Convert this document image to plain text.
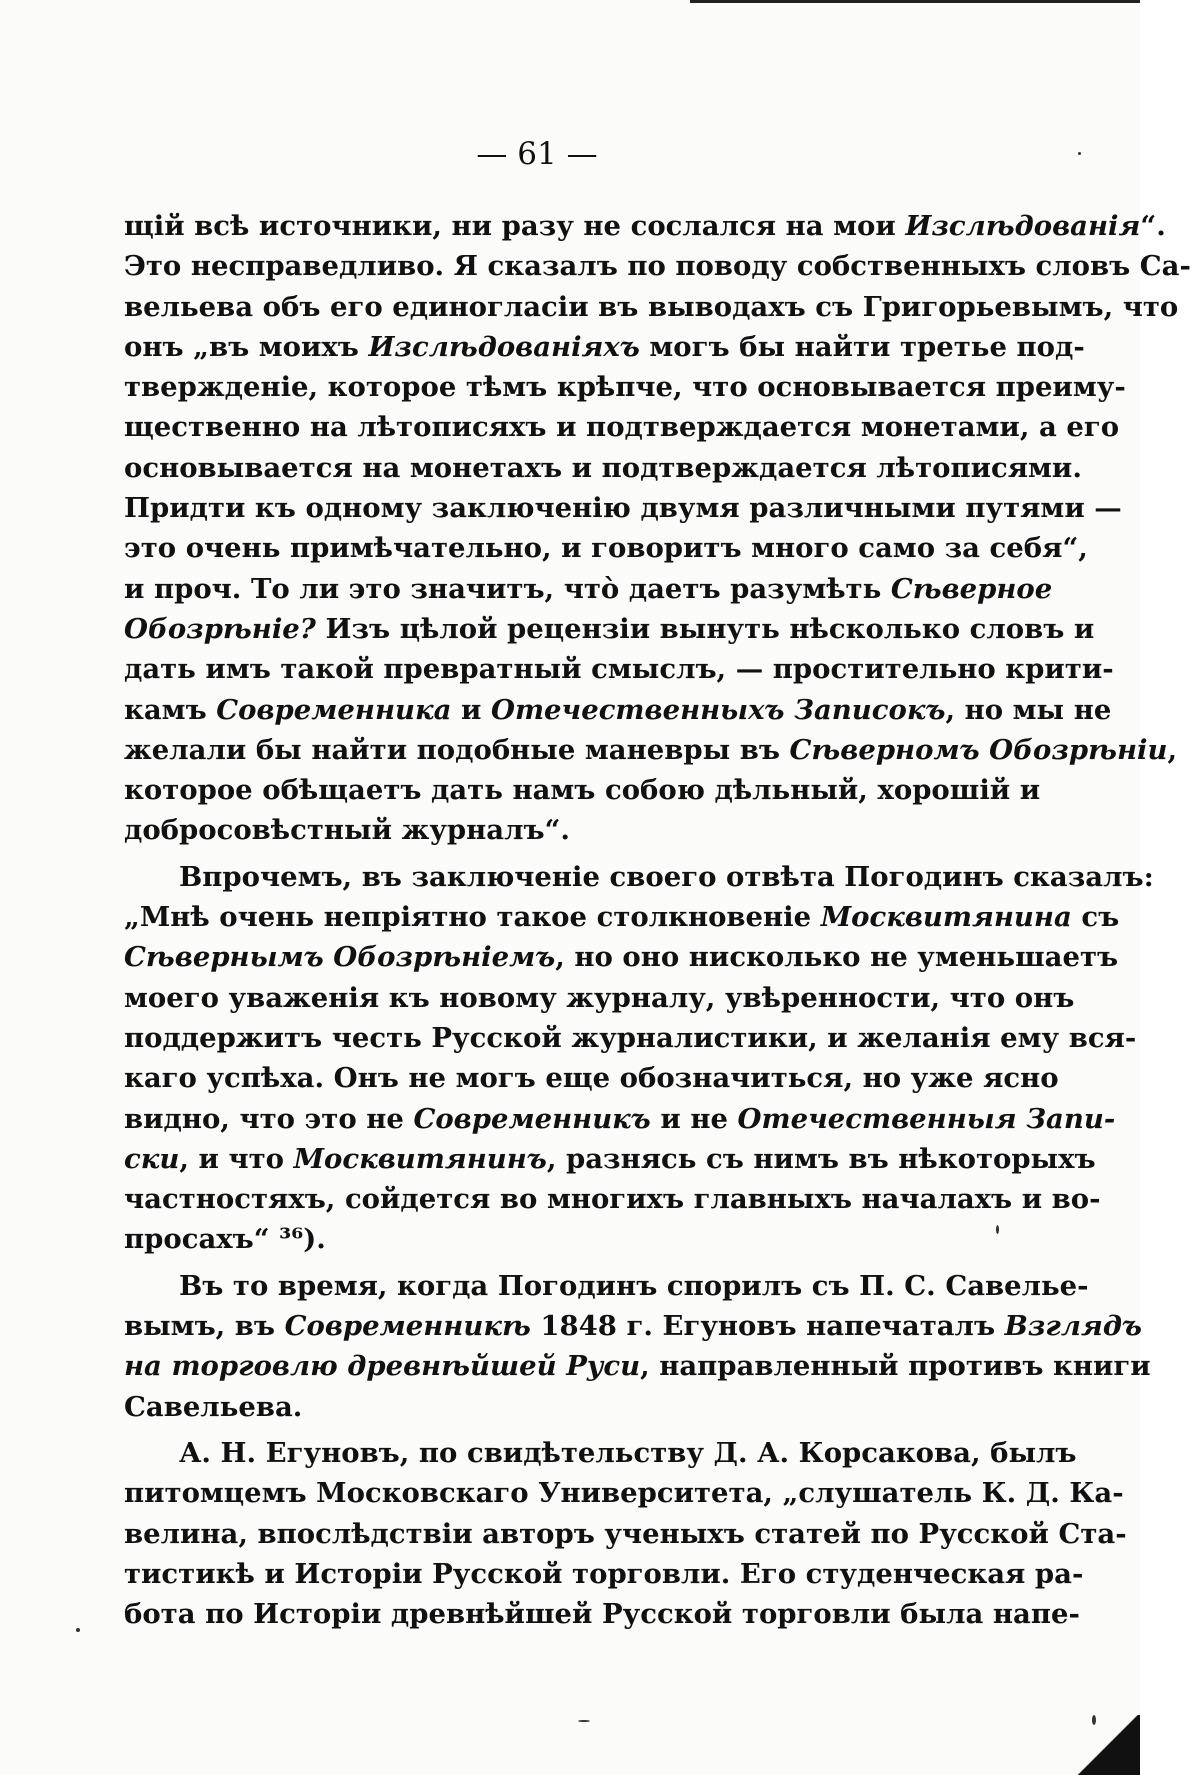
— 61 —
щій всѣ источники, ни разу не сослался на мои Изслѣдованія“.
Это несправедливо. Я сказалъ по поводу собственныхъ словъ Са-
вельева объ его единогласіи въ выводахъ съ Григорьевымъ, что
онъ „въ моихъ Изслѣдованіяхъ могъ бы найти третье под-
твержденіе, которое тѣмъ крѣпче, что основывается преиму-
щественно на лѣтописяхъ и подтверждается монетами, а его
основывается на монетахъ и подтверждается лѣтописями.
Придти къ одному заключенію двумя различными путями —
это очень примѣчательно, и говоритъ много само за себя“,
и проч. То ли это значитъ, что̀ даетъ разумѣть Сѣверное
Обозрѣніе? Изъ цѣлой рецензіи вынуть нѣсколько словъ и
дать имъ такой превратный смыслъ, — простительно крити-
камъ Современника и Отечественныхъ Записокъ, но мы не
желали бы найти подобные маневры въ Сѣверномъ Обозрѣніи,
которое обѣщаетъ дать намъ собою дѣльный, хорошій и
добросовѣстный журналъ“.
Впрочемъ, въ заключеніе своего отвѣта Погодинъ сказалъ:
„Мнѣ очень непріятно такое столкновеніе Москвитянина съ
Сѣвернымъ Обозрѣніемъ, но оно нисколько не уменьшаетъ
моего уваженія къ новому журналу, увѣренности, что онъ
поддержитъ честь Русской журналистики, и желанія ему вся-
каго успѣха. Онъ не могъ еще обозначиться, но уже ясно
видно, что это не Современникъ и не Отечественныя Запи-
ски, и что Москвитянинъ, разнясь съ нимъ въ нѣкоторыхъ
частностяхъ, сойдется во многихъ главныхъ началахъ и во-
просахъ“ ³⁶).
Въ то время, когда Погодинъ спорилъ съ П. С. Савелье-
вымъ, въ Современникѣ 1848 г. Егуновъ напечаталъ Взглядъ
на торговлю древнѣйшей Руси, направленный противъ книги
Савельева.
А. Н. Егуновъ, по свидѣтельству Д. А. Корсакова, былъ
питомцемъ Московскаго Университета, „слушатель К. Д. Ка-
велина, впослѣдствіи авторъ ученыхъ статей по Русской Ста-
тистикѣ и Исторіи Русской торговли. Его студенческая ра-
бота по Исторіи древнѣйшей Русской торговли была напе-
